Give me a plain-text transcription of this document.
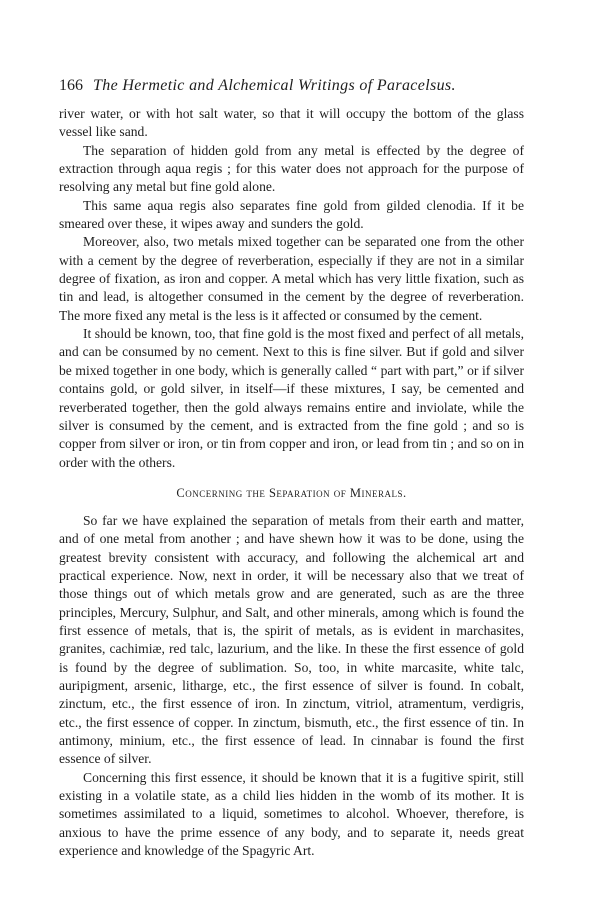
166 The Hermetic and Alchemical Writings of Paracelsus.

river water, or with hot salt water, so that it will occupy the bottom of the glass vessel like sand.

The separation of hidden gold from any metal is effected by the degree of extraction through aqua regis ; for this water does not approach for the purpose of resolving any metal but fine gold alone.

This same aqua regis also separates fine gold from gilded clenodia. If it be smeared over these, it wipes away and sunders the gold.

Moreover, also, two metals mixed together can be separated one from the other with a cement by the degree of reverberation, especially if they are not in a similar degree of fixation, as iron and copper. A metal which has very little fixation, such as tin and lead, is altogether consumed in the cement by the degree of reverberation. The more fixed any metal is the less is it affected or consumed by the cement.

It should be known, too, that fine gold is the most fixed and perfect of all metals, and can be consumed by no cement. Next to this is fine silver. But if gold and silver be mixed together in one body, which is generally called “ part with part,” or if silver contains gold, or gold silver, in itself—if these mixtures, I say, be cemented and reverberated together, then the gold always remains entire and inviolate, while the silver is consumed by the cement, and is extracted from the fine gold ; and so is copper from silver or iron, or tin from copper and iron, or lead from tin ; and so on in order with the others.

Concerning the Separation of Minerals.

So far we have explained the separation of metals from their earth and matter, and of one metal from another ; and have shewn how it was to be done, using the greatest brevity consistent with accuracy, and following the alchemical art and practical experience. Now, next in order, it will be necessary also that we treat of those things out of which metals grow and are generated, such as are the three principles, Mercury, Sulphur, and Salt, and other minerals, among which is found the first essence of metals, that is, the spirit of metals, as is evident in marchasites, granites, cachimiæ, red talc, lazurium, and the like. In these the first essence of gold is found by the degree of sublimation. So, too, in white marcasite, white talc, auripigment, arsenic, litharge, etc., the first essence of silver is found. In cobalt, zinctum, etc., the first essence of iron. In zinctum, vitriol, atramentum, verdigris, etc., the first essence of copper. In zinctum, bismuth, etc., the first essence of tin. In antimony, minium, etc., the first essence of lead. In cinnabar is found the first essence of silver.

Concerning this first essence, it should be known that it is a fugitive spirit, still existing in a volatile state, as a child lies hidden in the womb of its mother. It is sometimes assimilated to a liquid, sometimes to alcohol. Whoever, therefore, is anxious to have the prime essence of any body, and to separate it, needs great experience and knowledge of the Spagyric Art.
